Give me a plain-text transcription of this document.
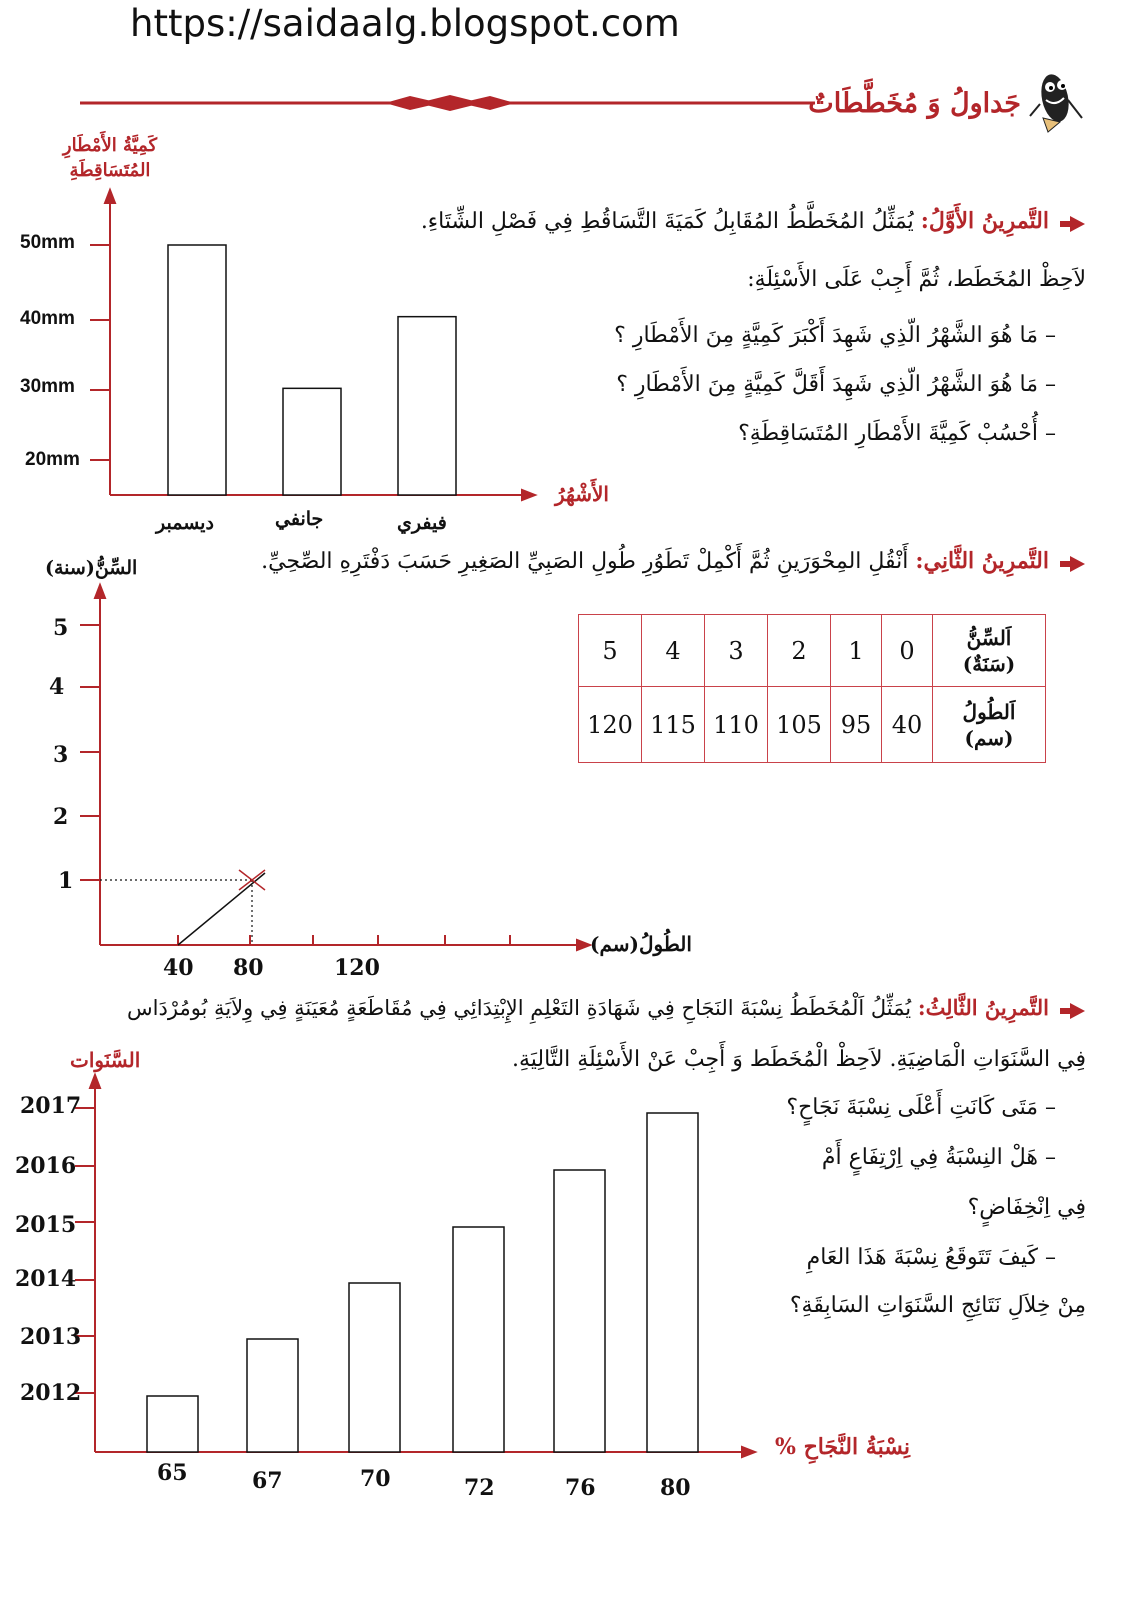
https://saidaalg.blogspot.com
جَداولُ وَ مُخَطَّطَاتٌ
التَّمرِينُ الأَوَّلُ: يُمَثِّلُ المُخَطَّطُ المُقَابِلُ كَمَيَةَ التَّسَاقُطِ فِي فَصْلِ الشِّتَاءِ.
لاَحِظْ المُخَطَط، ثُمَّ أَجِبْ عَلَى الأَسْئِلَةِ:
– مَا هُوَ الشَّهْرُ الّذِي شَهِدَ أَكْبَرَ كَمِيَّةٍ مِنَ الأَمْطَارِ ؟
– مَا هُوَ الشَّهْرُ الّذِي شَهِدَ أَقَلَّ كَمِيَّةٍ مِنَ الأَمْطَارِ ؟
– أُحْسُبْ كَمِيَّةَ الأَمْطَارِ المُتَسَاقِطَةِ؟
كَمِيَّةُ الأَمْطَارِ
المُتَسَاقِطَةِ
50mm
40mm
30mm
20mm
الأَشْهُرُ
ديسمبر	جانفي	فيفري
التَّمرِينُ الثَّانِي: أَنْقُلِ المِحْوَرَينِ ثُمَّ أَكْمِلْ تَطَوُرِ طُولِ الصَبِيِّ الصَغِيرِ حَسَبَ دَفْتَرِهِ الصِّحِيِّ.
5	4	3	2	1	0	اَلسِّنُّ
(سَنَةٌ)

120	115	110	105	95	40	اَلطُولُ
(سم)
السِّنُّ(سنة)
5
4
3
2
1
40 80	120
الطُولُ(سم)
التَّمرِينُ الثَّالِثُ: يُمَثِّلُ اَلْمُخَطَطُ نِسْبَةَ النَجَاحِ فِي شَهَادَةِ التَعْلِمِ الإِبْتِدَائِي فِي مُقَاطَعَةٍ مُعَيَنَةٍ فِي وِلاَيَةِ بُومُرْدَاس
فِي السَّنَوَاتِ الْمَاضِيَةِ. لاَحِظْ الْمُخَطَط وَ أَجِبْ عَنْ الأَسْئِلَةِ التَّالِيَةِ.
– مَتَى كَانَتِ أَعْلَى نِسْبَةَ نَجَاحٍ؟
– هَلْ النِسْبَةُ فِي اِرْتِفَاعٍ أَمْ
فِي اِنْخِفَاضٍ؟
– كَيفَ تَتَوقَعُ نِسْبَةَ هَذَا العَامِ
مِنْ خِلاَلِ نَتَائِجِ السَّنَوَاتِ السَابِقَةِ؟
السَّنَوات
2017
2016
2015
2014
2013
2012
65	67	70	72	76	80
نِسْبَةُ النَّجَاحِ %
